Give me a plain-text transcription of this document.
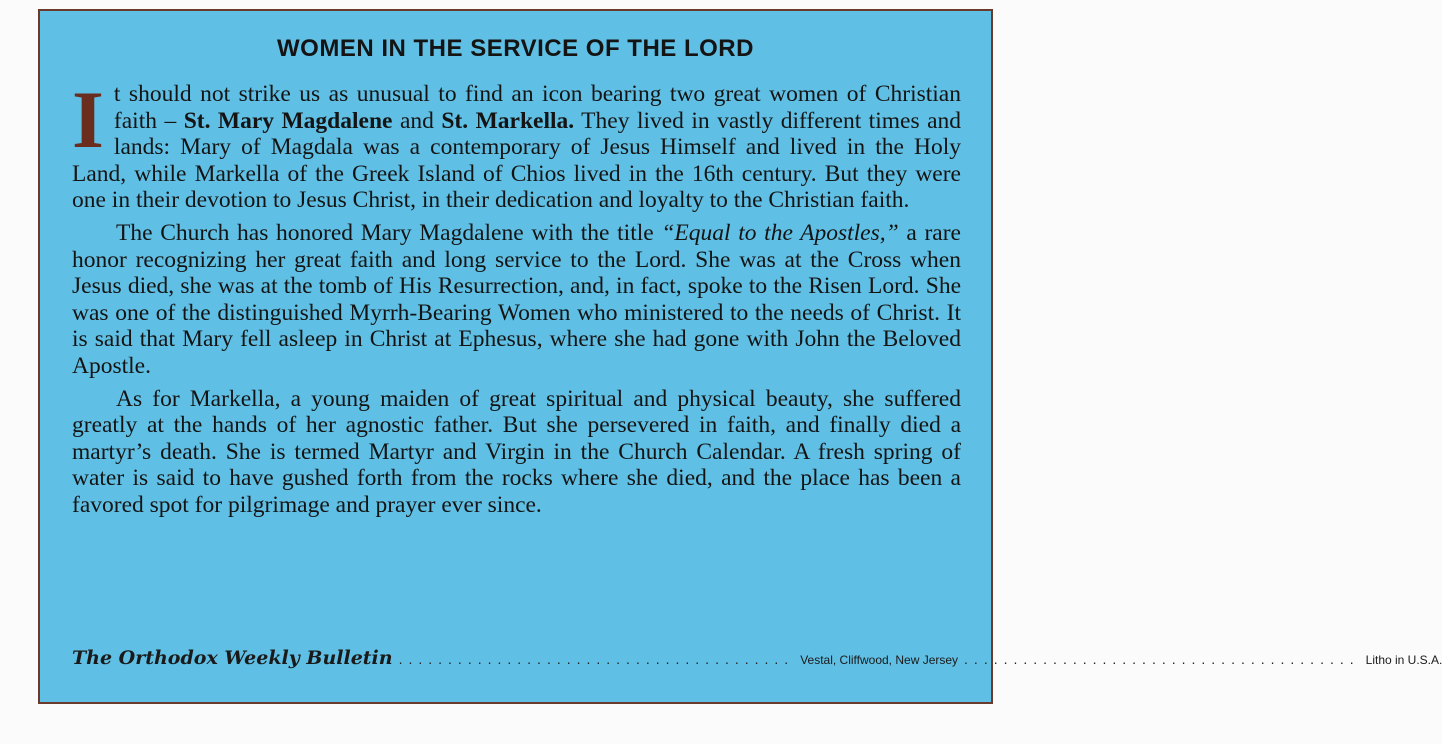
WOMEN IN THE SERVICE OF THE LORD

It should not strike us as unusual to find an icon bearing two great women of Christian faith – St. Mary Magdalene and St. Markella. They lived in vastly different times and lands: Mary of Magdala was a contemporary of Jesus Himself and lived in the Holy Land, while Markella of the Greek Island of Chios lived in the 16th century. But they were one in their devotion to Jesus Christ, in their dedication and loyalty to the Christian faith.

The Church has honored Mary Magdalene with the title “Equal to the Apostles,” a rare honor recognizing her great faith and long service to the Lord. She was at the Cross when Jesus died, she was at the tomb of His Resurrection, and, in fact, spoke to the Risen Lord. She was one of the distinguished Myrrh-Bearing Women who ministered to the needs of Christ. It is said that Mary fell asleep in Christ at Ephesus, where she had gone with John the Beloved Apostle.

As for Markella, a young maiden of great spiritual and physical beauty, she suffered greatly at the hands of her agnostic father. But she persevered in faith, and finally died a martyr’s death. She is termed Martyr and Virgin in the Church Calendar. A fresh spring of water is said to have gushed forth from the rocks where she died, and the place has been a favored spot for pilgrimage and prayer ever since.

The Orthodox Weekly Bulletin ........................................ Vestal, Cliffwood, New Jersey ........................................ Litho in U.S.A.
